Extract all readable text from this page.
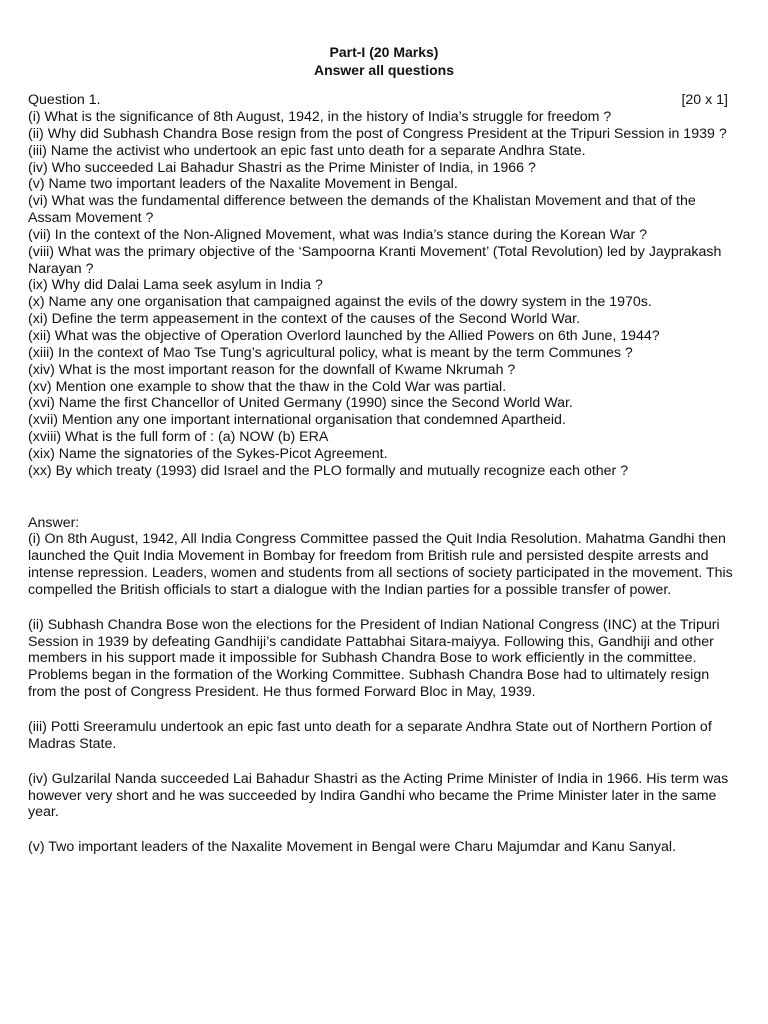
Part-I (20 Marks)
Answer all questions
Question 1.	[20 x 1]
(i) What is the significance of 8th August, 1942, in the history of India’s struggle for freedom ?
(ii) Why did Subhash Chandra Bose resign from the post of Congress President at the Tripuri Session in 1939 ?
(iii) Name the activist who undertook an epic fast unto death for a separate Andhra State.
(iv) Who succeeded Lai Bahadur Shastri as the Prime Minister of India, in 1966 ?
(v) Name two important leaders of the Naxalite Movement in Bengal.
(vi) What was the fundamental difference between the demands of the Khalistan Movement and that of the Assam Movement ?
(vii) In the context of the Non-Aligned Movement, what was India’s stance during the Korean War ?
(viii) What was the primary objective of the ‘Sampoorna Kranti Movement’ (Total Revolution) led by Jayprakash Narayan ?
(ix) Why did Dalai Lama seek asylum in India ?
(x) Name any one organisation that campaigned against the evils of the dowry system in the 1970s.
(xi) Define the term appeasement in the context of the causes of the Second World War.
(xii) What was the objective of Operation Overlord launched by the Allied Powers on 6th June, 1944?
(xiii) In the context of Mao Tse Tung’s agricultural policy, what is meant by the term Communes ?
(xiv) What is the most important reason for the downfall of Kwame Nkrumah ?
(xv) Mention one example to show that the thaw in the Cold War was partial.
(xvi) Name the first Chancellor of United Germany (1990) since the Second World War.
(xvii) Mention any one important international organisation that condemned Apartheid.
(xviii) What is the full form of : (a) NOW (b) ERA
(xix) Name the signatories of the Sykes-Picot Agreement.
(xx) By which treaty (1993) did Israel and the PLO formally and mutually recognize each other ?
Answer:
(i) On 8th August, 1942, All India Congress Committee passed the Quit India Resolution. Mahatma Gandhi then launched the Quit India Movement in Bombay for freedom from British rule and persisted despite arrests and intense repression. Leaders, women and students from all sections of society participated in the movement. This compelled the British officials to start a dialogue with the Indian parties for a possible transfer of power.
(ii) Subhash Chandra Bose won the elections for the President of Indian National Congress (INC) at the Tripuri Session in 1939 by defeating Gandhiji’s candidate Pattabhai Sitara-maiyya. Following this, Gandhiji and other members in his support made it impossible for Subhash Chandra Bose to work efficiently in the committee. Problems began in the formation of the Working Committee. Subhash Chandra Bose had to ultimately resign from the post of Congress President. He thus formed Forward Bloc in May, 1939.
(iii) Potti Sreeramulu undertook an epic fast unto death for a separate Andhra State out of Northern Portion of Madras State.
(iv) Gulzarilal Nanda succeeded Lai Bahadur Shastri as the Acting Prime Minister of India in 1966. His term was however very short and he was succeeded by Indira Gandhi who became the Prime Minister later in the same year.
(v) Two important leaders of the Naxalite Movement in Bengal were Charu Majumdar and Kanu Sanyal.
